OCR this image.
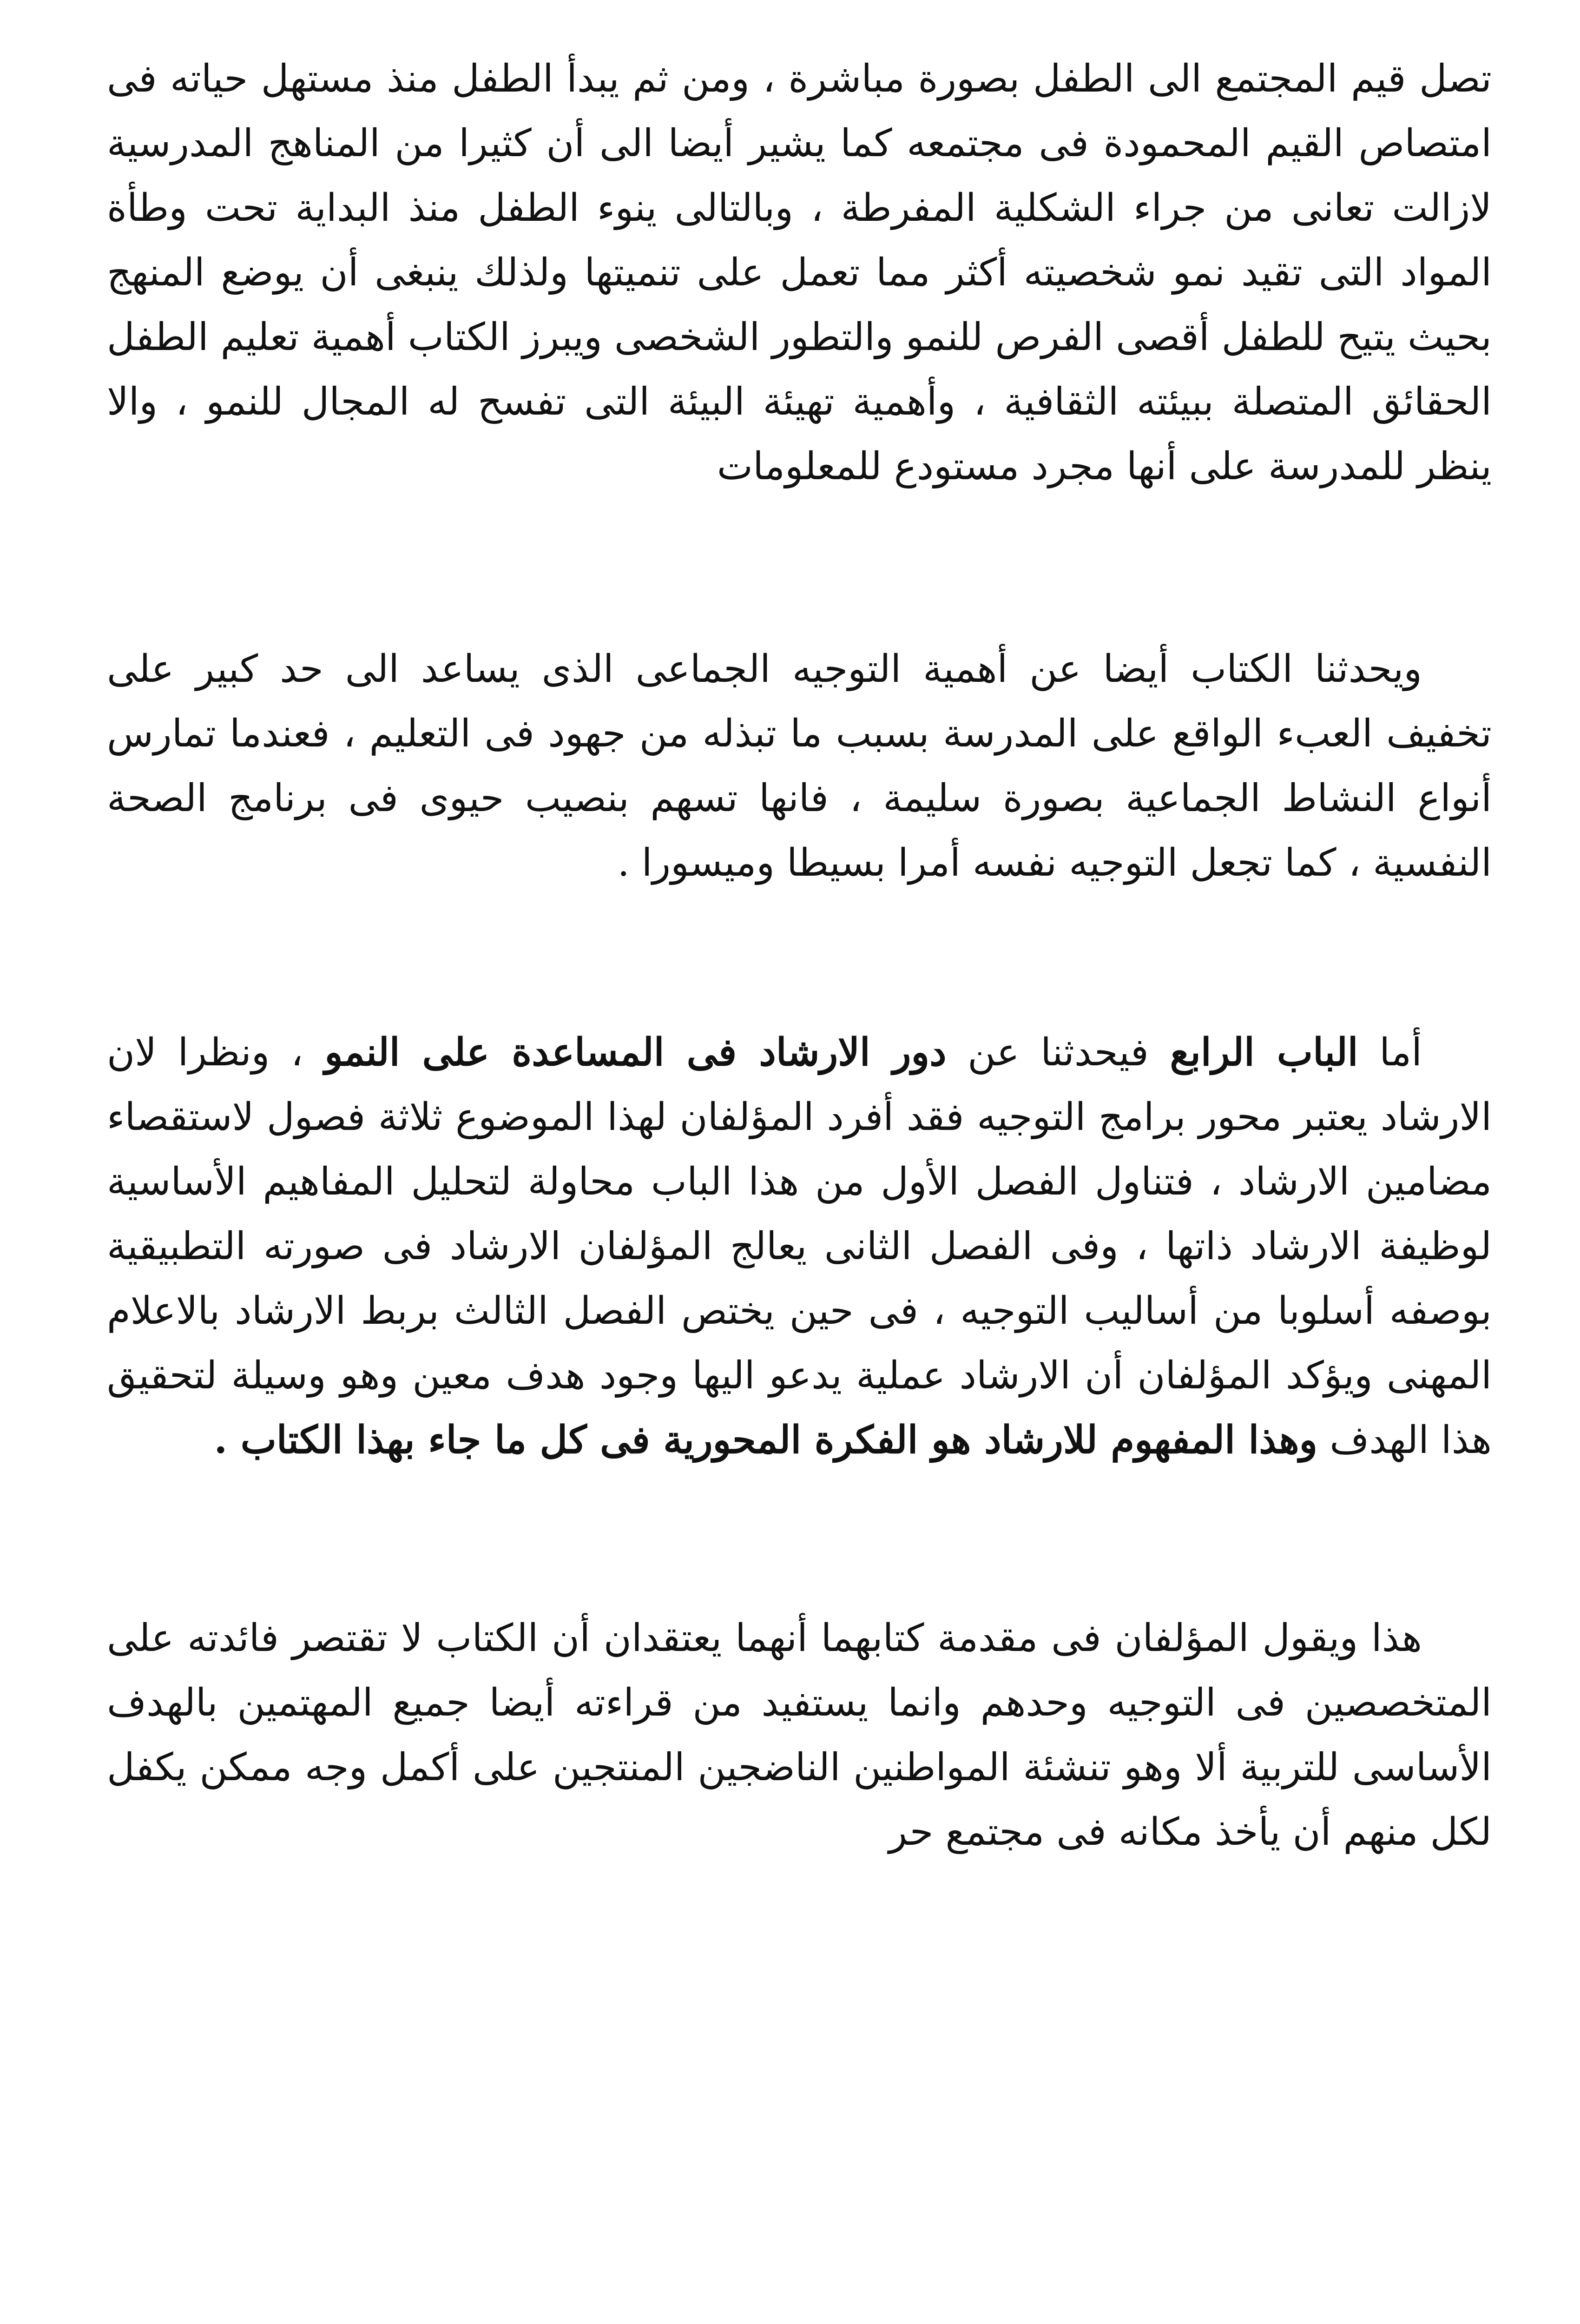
تصل قيم المجتمع الى الطفل بصورة مباشرة ، ومن ثم يبدأ الطفل منذ مستهل حياته فى امتصاص القيم المحمودة فى مجتمعه كما يشير أيضا الى أن كثيرا من المناهج المدرسية لازالت تعانى من جراء الشكلية المفرطة ، وبالتالى ينوء الطفل منذ البداية تحت وطأة المواد التى تقيد نمو شخصيته أكثر مما تعمل على تنميتها ولذلك ينبغى أن يوضع المنهج بحيث يتيح للطفل أقصى الفرص للنمو والتطور الشخصى ويبرز الكتاب أهمية تعليم الطفل الحقائق المتصلة ببيئته الثقافية ، وأهمية تهيئة البيئة التى تفسح له المجال للنمو ، والا ينظر للمدرسة على أنها مجرد مستودع للمعلومات

ويحدثنا الكتاب أيضا عن أهمية التوجيه الجماعى الذى يساعد الى حد كبير على تخفيف العبء الواقع على المدرسة بسبب ما تبذله من جهود فى التعليم ، فعندما تمارس أنواع النشاط الجماعية بصورة سليمة ، فانها تسهم بنصيب حيوى فى برنامج الصحة النفسية ، كما تجعل التوجيه نفسه أمرا بسيطا وميسورا .

أما الباب الرابع فيحدثنا عن دور الارشاد فى المساعدة على النمو ، ونظرا لان الارشاد يعتبر محور برامج التوجيه فقد أفرد المؤلفان لهذا الموضوع ثلاثة فصول لاستقصاء مضامين الارشاد ، فتناول الفصل الأول من هذا الباب محاولة لتحليل المفاهيم الأساسية لوظيفة الارشاد ذاتها ، وفى الفصل الثانى يعالج المؤلفان الارشاد فى صورته التطبيقية بوصفه أسلوبا من أساليب التوجيه ، فى حين يختص الفصل الثالث بربط الارشاد بالاعلام المهنى ويؤكد المؤلفان أن الارشاد عملية يدعو اليها وجود هدف معين وهو وسيلة لتحقيق هذا الهدف وهذا المفهوم للارشاد هو الفكرة المحورية فى كل ما جاء بهذا الكتاب .

هذا ويقول المؤلفان فى مقدمة كتابهما أنهما يعتقدان أن الكتاب لا تقتصر فائدته على المتخصصين فى التوجيه وحدهم وانما يستفيد من قراءته أيضا جميع المهتمين بالهدف الأساسى للتربية ألا وهو تنشئة المواطنين الناضجين المنتجين على أكمل وجه ممكن يكفل لكل منهم أن يأخذ مكانه فى مجتمع حر
